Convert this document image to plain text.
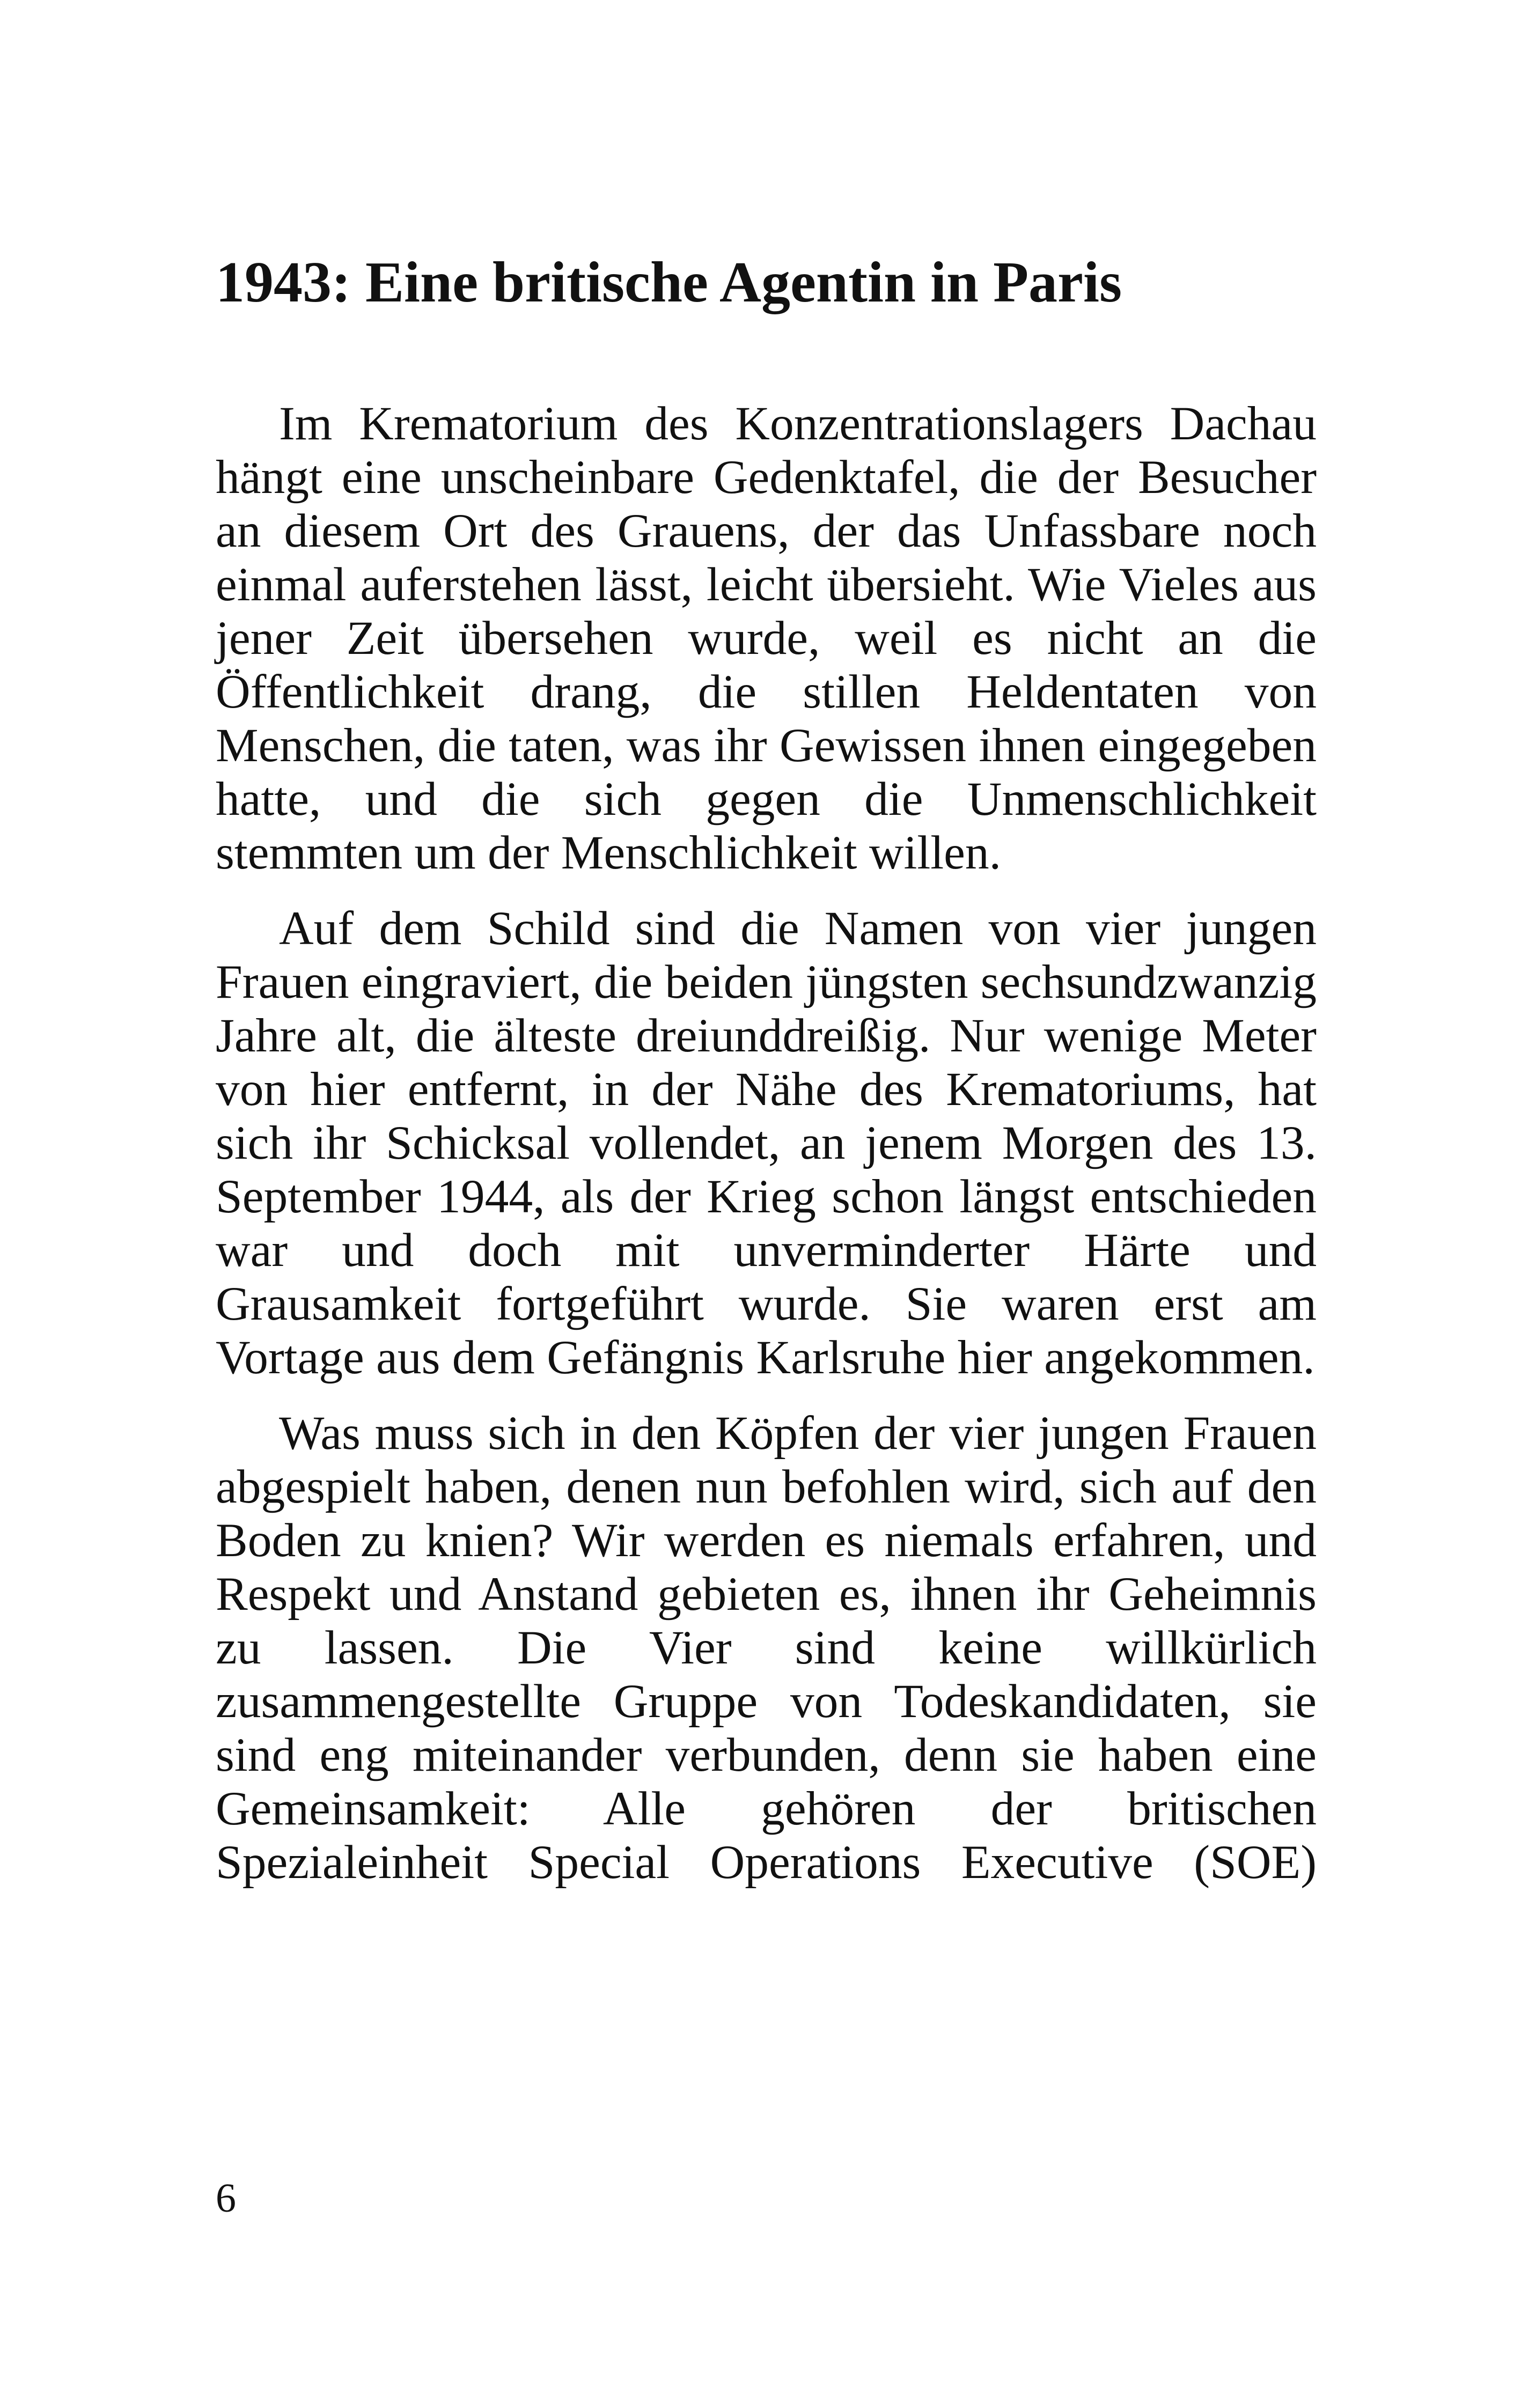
1943: Eine britische Agentin in Paris

Im Krematorium des Konzentrationslagers Dachau hängt eine unscheinbare Gedenktafel, die der Besucher an diesem Ort des Grauens, der das Unfassbare noch einmal auferstehen lässt, leicht übersieht. Wie Vieles aus jener Zeit übersehen wurde, weil es nicht an die Öffentlichkeit drang, die stillen Heldentaten von Menschen, die taten, was ihr Gewissen ihnen eingegeben hatte, und die sich gegen die Unmenschlichkeit stemmten um der Menschlichkeit willen.

Auf dem Schild sind die Namen von vier jungen Frauen eingraviert, die beiden jüngsten sechsundzwanzig Jahre alt, die älteste dreiunddreißig. Nur wenige Meter von hier entfernt, in der Nähe des Krematoriums, hat sich ihr Schicksal vollendet, an jenem Morgen des 13. September 1944, als der Krieg schon längst entschieden war und doch mit unverminderter Härte und Grausamkeit fortgeführt wurde. Sie waren erst am Vortage aus dem Gefängnis Karlsruhe hier angekommen.

Was muss sich in den Köpfen der vier jungen Frauen abgespielt haben, denen nun befohlen wird, sich auf den Boden zu knien? Wir werden es niemals erfahren, und Respekt und Anstand gebieten es, ihnen ihr Geheimnis zu lassen. Die Vier sind keine willkürlich zusammengestellte Gruppe von Todeskandidaten, sie sind eng miteinander verbunden, denn sie haben eine Gemeinsamkeit: Alle gehören der britischen Spezialeinheit Special Operations Executive (SOE)

6
